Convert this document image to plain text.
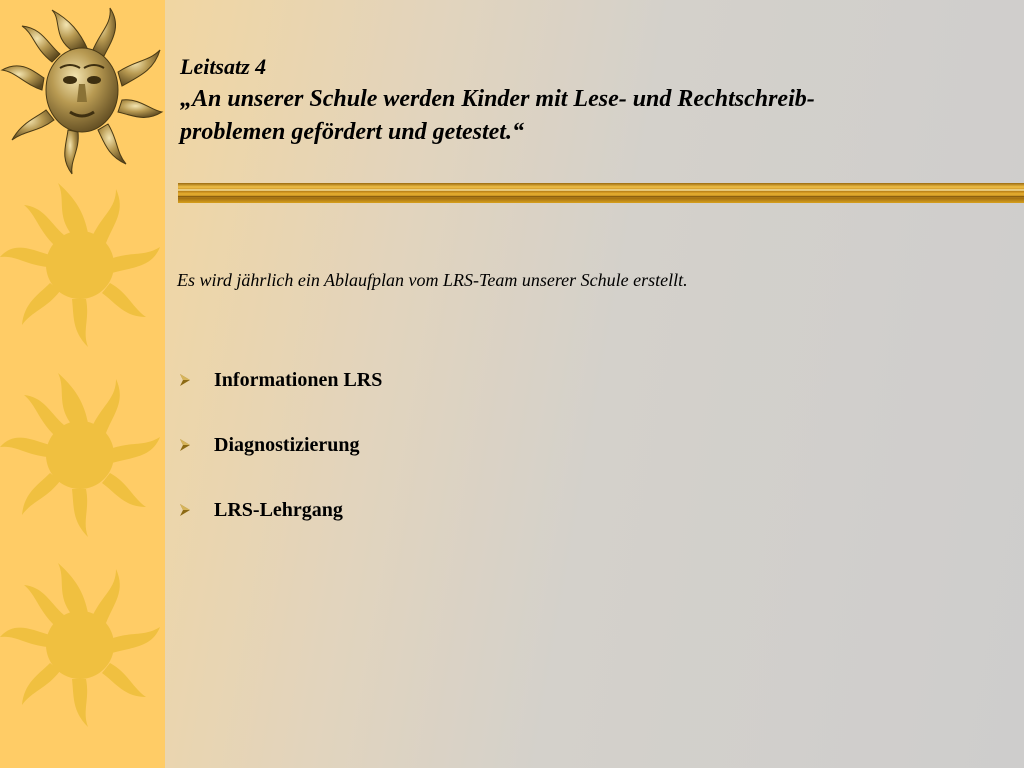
Leitsatz 4

„An unserer Schule werden Kinder mit Lese- und Rechtschreib-

problemen gefördert und getestet.“

Es wird jährlich ein Ablaufplan vom LRS-Team unserer Schule erstellt.
Informationen LRS
Diagnostizierung
LRS-Lehrgang
